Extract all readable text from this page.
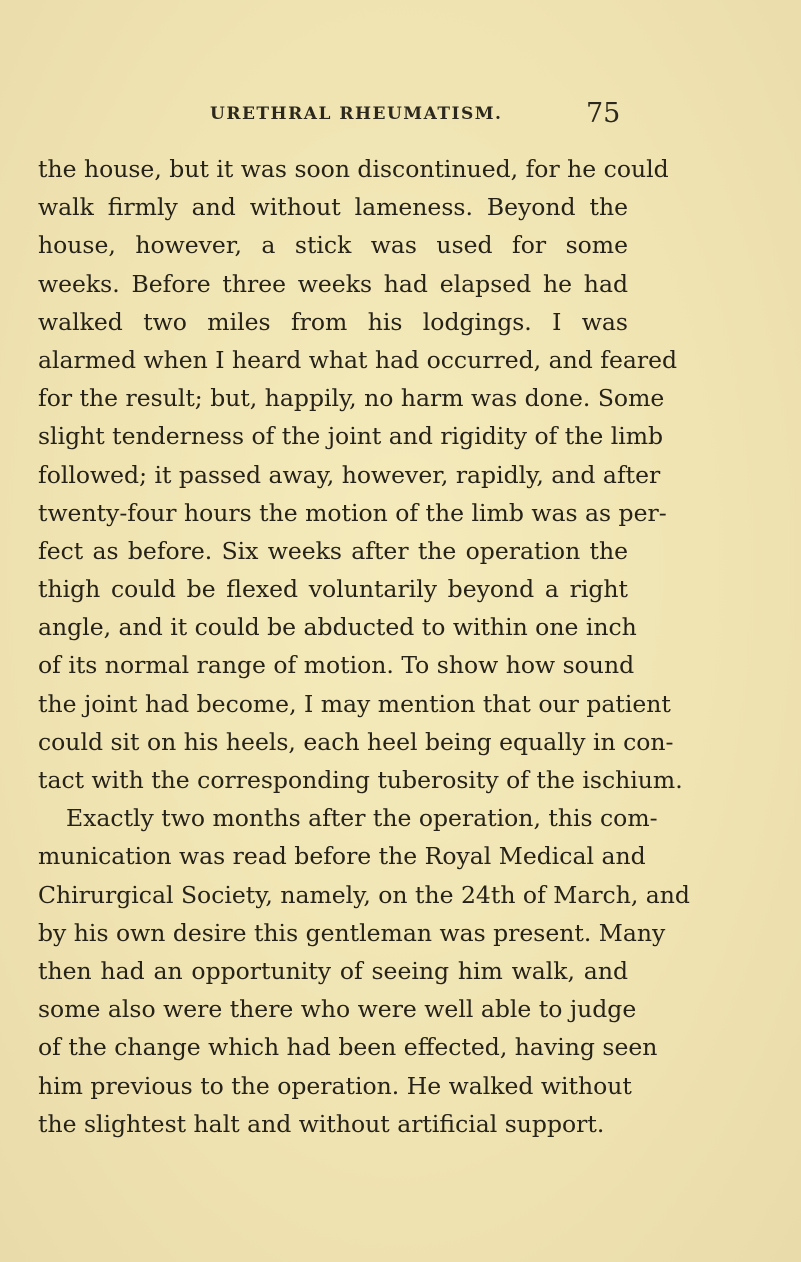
URETHRAL RHEUMATISM.	75
the house, but it was soon discontinued, for he could
walk firmly and without lameness. Beyond the
house, however, a stick was used for some
weeks. Before three weeks had elapsed he had
walked two miles from his lodgings. I was
alarmed when I heard what had occurred, and feared
for the result; but, happily, no harm was done. Some
slight tenderness of the joint and rigidity of the limb
followed; it passed away, however, rapidly, and after
twenty-four hours the motion of the limb was as per-
fect as before. Six weeks after the operation the
thigh could be flexed voluntarily beyond a right
angle, and it could be abducted to within one inch
of its normal range of motion. To show how sound
the joint had become, I may mention that our patient
could sit on his heels, each heel being equally in con-
tact with the corresponding tuberosity of the ischium.
Exactly two months after the operation, this com-
munication was read before the Royal Medical and
Chirurgical Society, namely, on the 24th of March, and
by his own desire this gentleman was present. Many
then had an opportunity of seeing him walk, and
some also were there who were well able to judge
of the change which had been effected, having seen
him previous to the operation. He walked without
the slightest halt and without artificial support.
